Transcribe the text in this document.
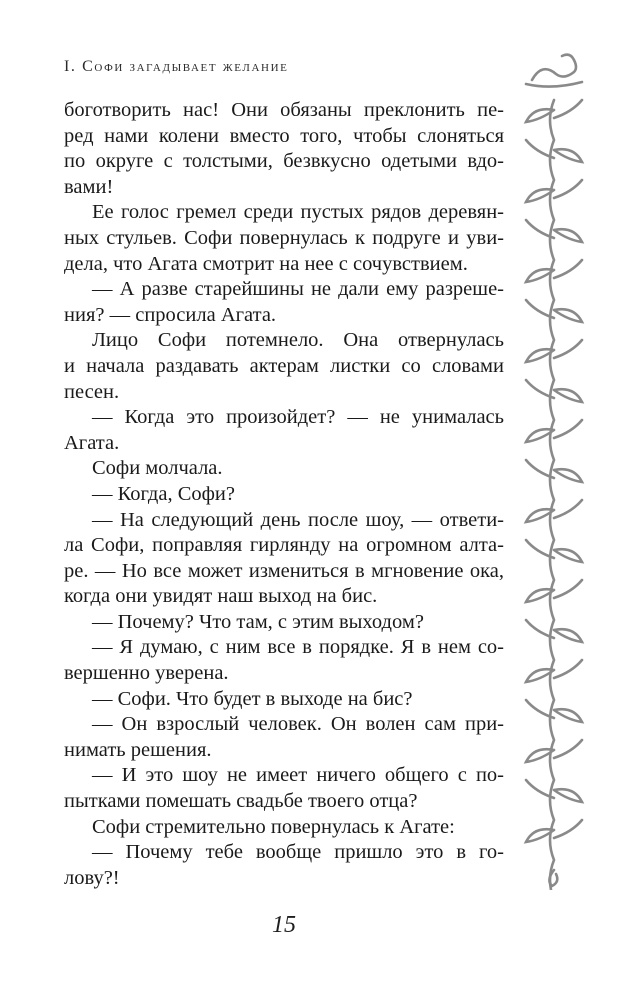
I. Софи загадывает желание
боготворить нас! Они обязаны преклонить пе-
ред нами колени вместо того, чтобы слоняться
по округе с толстыми, безвкусно одетыми вдо-
вами!
Ее голос гремел среди пустых рядов деревян-
ных стульев. Софи повернулась к подруге и уви-
дела, что Агата смотрит на нее с сочувствием.
— А разве старейшины не дали ему разреше-
ния? — спросила Агата.
Лицо Софи потемнело. Она отвернулась
и начала раздавать актерам листки со словами
песен.
— Когда это произойдет? — не унималась
Агата.
Софи молчала.
— Когда, Софи?
— На следующий день после шоу, — ответи-
ла Софи, поправляя гирлянду на огромном алта-
ре. — Но все может измениться в мгновение ока,
когда они увидят наш выход на бис.
— Почему? Что там, с этим выходом?
— Я думаю, с ним все в порядке. Я в нем со-
вершенно уверена.
— Софи. Что будет в выходе на бис?
— Он взрослый человек. Он волен сам при-
нимать решения.
— И это шоу не имеет ничего общего с по-
пытками помешать свадьбе твоего отца?
Софи стремительно повернулась к Агате:
— Почему тебе вообще пришло это в го-
лову?!
15
